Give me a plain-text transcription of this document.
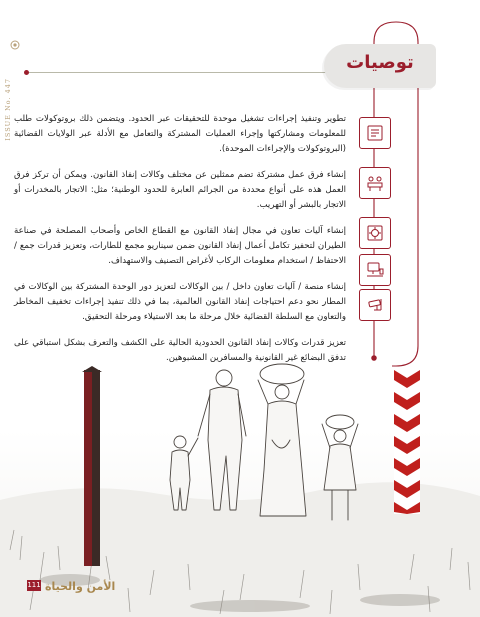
ISSUE No. 447
توصيات

تطوير وتنفيذ إجراءات تشغيل موحدة للتحقيقات عبر الحدود. ويتضمن ذلك بروتوكولات طلب للمعلومات ومشاركتها وإجراء العمليات المشتركة والتعامل مع الأدلة عبر الولايات القضائية (البروتوكولات والإجراءات الموحدة).

إنشاء فرق عمل مشتركة تضم ممثلين عن مختلف وكالات إنفاذ القانون. ويمكن أن تركز فرق العمل هذه على أنواع محددة من الجرائم العابرة للحدود الوطنية؛ مثل: الاتجار بالمخدرات أو الاتجار بالبشر أو التهريب.

إنشاء آليات تعاون في مجال إنفاذ القانون مع القطاع الخاص وأصحاب المصلحة في صناعة الطيران لتحفيز تكامل أعمال إنفاذ القانون ضمن سيناريو مجمع للطارات، وتعزيز قدرات جمع / الاحتفاظ / استخدام معلومات الركاب لأغراض التصنيف والاستهداف.

إنشاء منصة / آليات تعاون داخل / بين الوكالات لتعزيز دور الوحدة المشتركة بين الوكالات في المطار نحو دعم احتياجات إنفاذ القانون العالمية، بما في ذلك تنفيذ إجراءات تخفيف المخاطر والتعاون مع السلطة القضائية خلال مرحلة ما بعد الاستيلاء ومرحلة التحقيق.

تعزيز قدرات وكالات إنفاذ القانون الحدودية الحالية على الكشف والتعرف بشكل استباقي على تدفق البضائع غير القانونية والمسافرين المشبوهين.

111 الأمن والحياة
